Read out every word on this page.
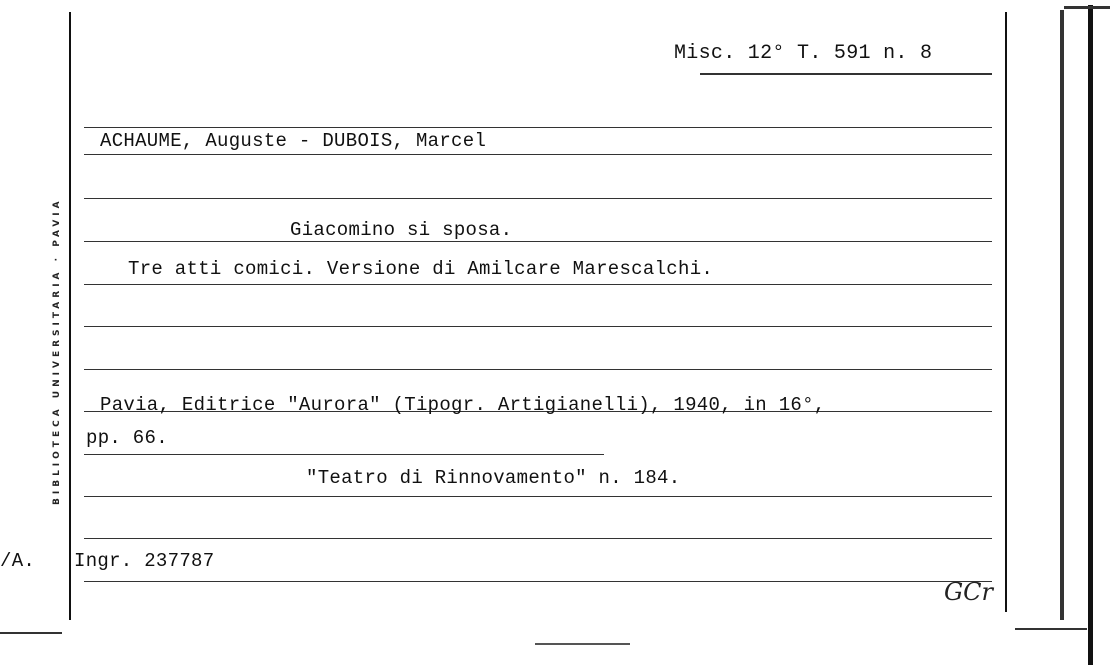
Misc. 12° T. 591 n. 8
ACHAUME, Auguste - DUBOIS, Marcel
Giacomino si sposa.
Tre atti comici. Versione di Amilcare Marescalchi.
Pavia, Editrice "Aurora" (Tipogr. Artigianelli), 1940, in 16°,
pp. 66.
"Teatro di Rinnovamento" n. 184.
/A. Ingr. 237787
BIBLIOTECA UNIVERSITARIA · PAVIA
GCr
